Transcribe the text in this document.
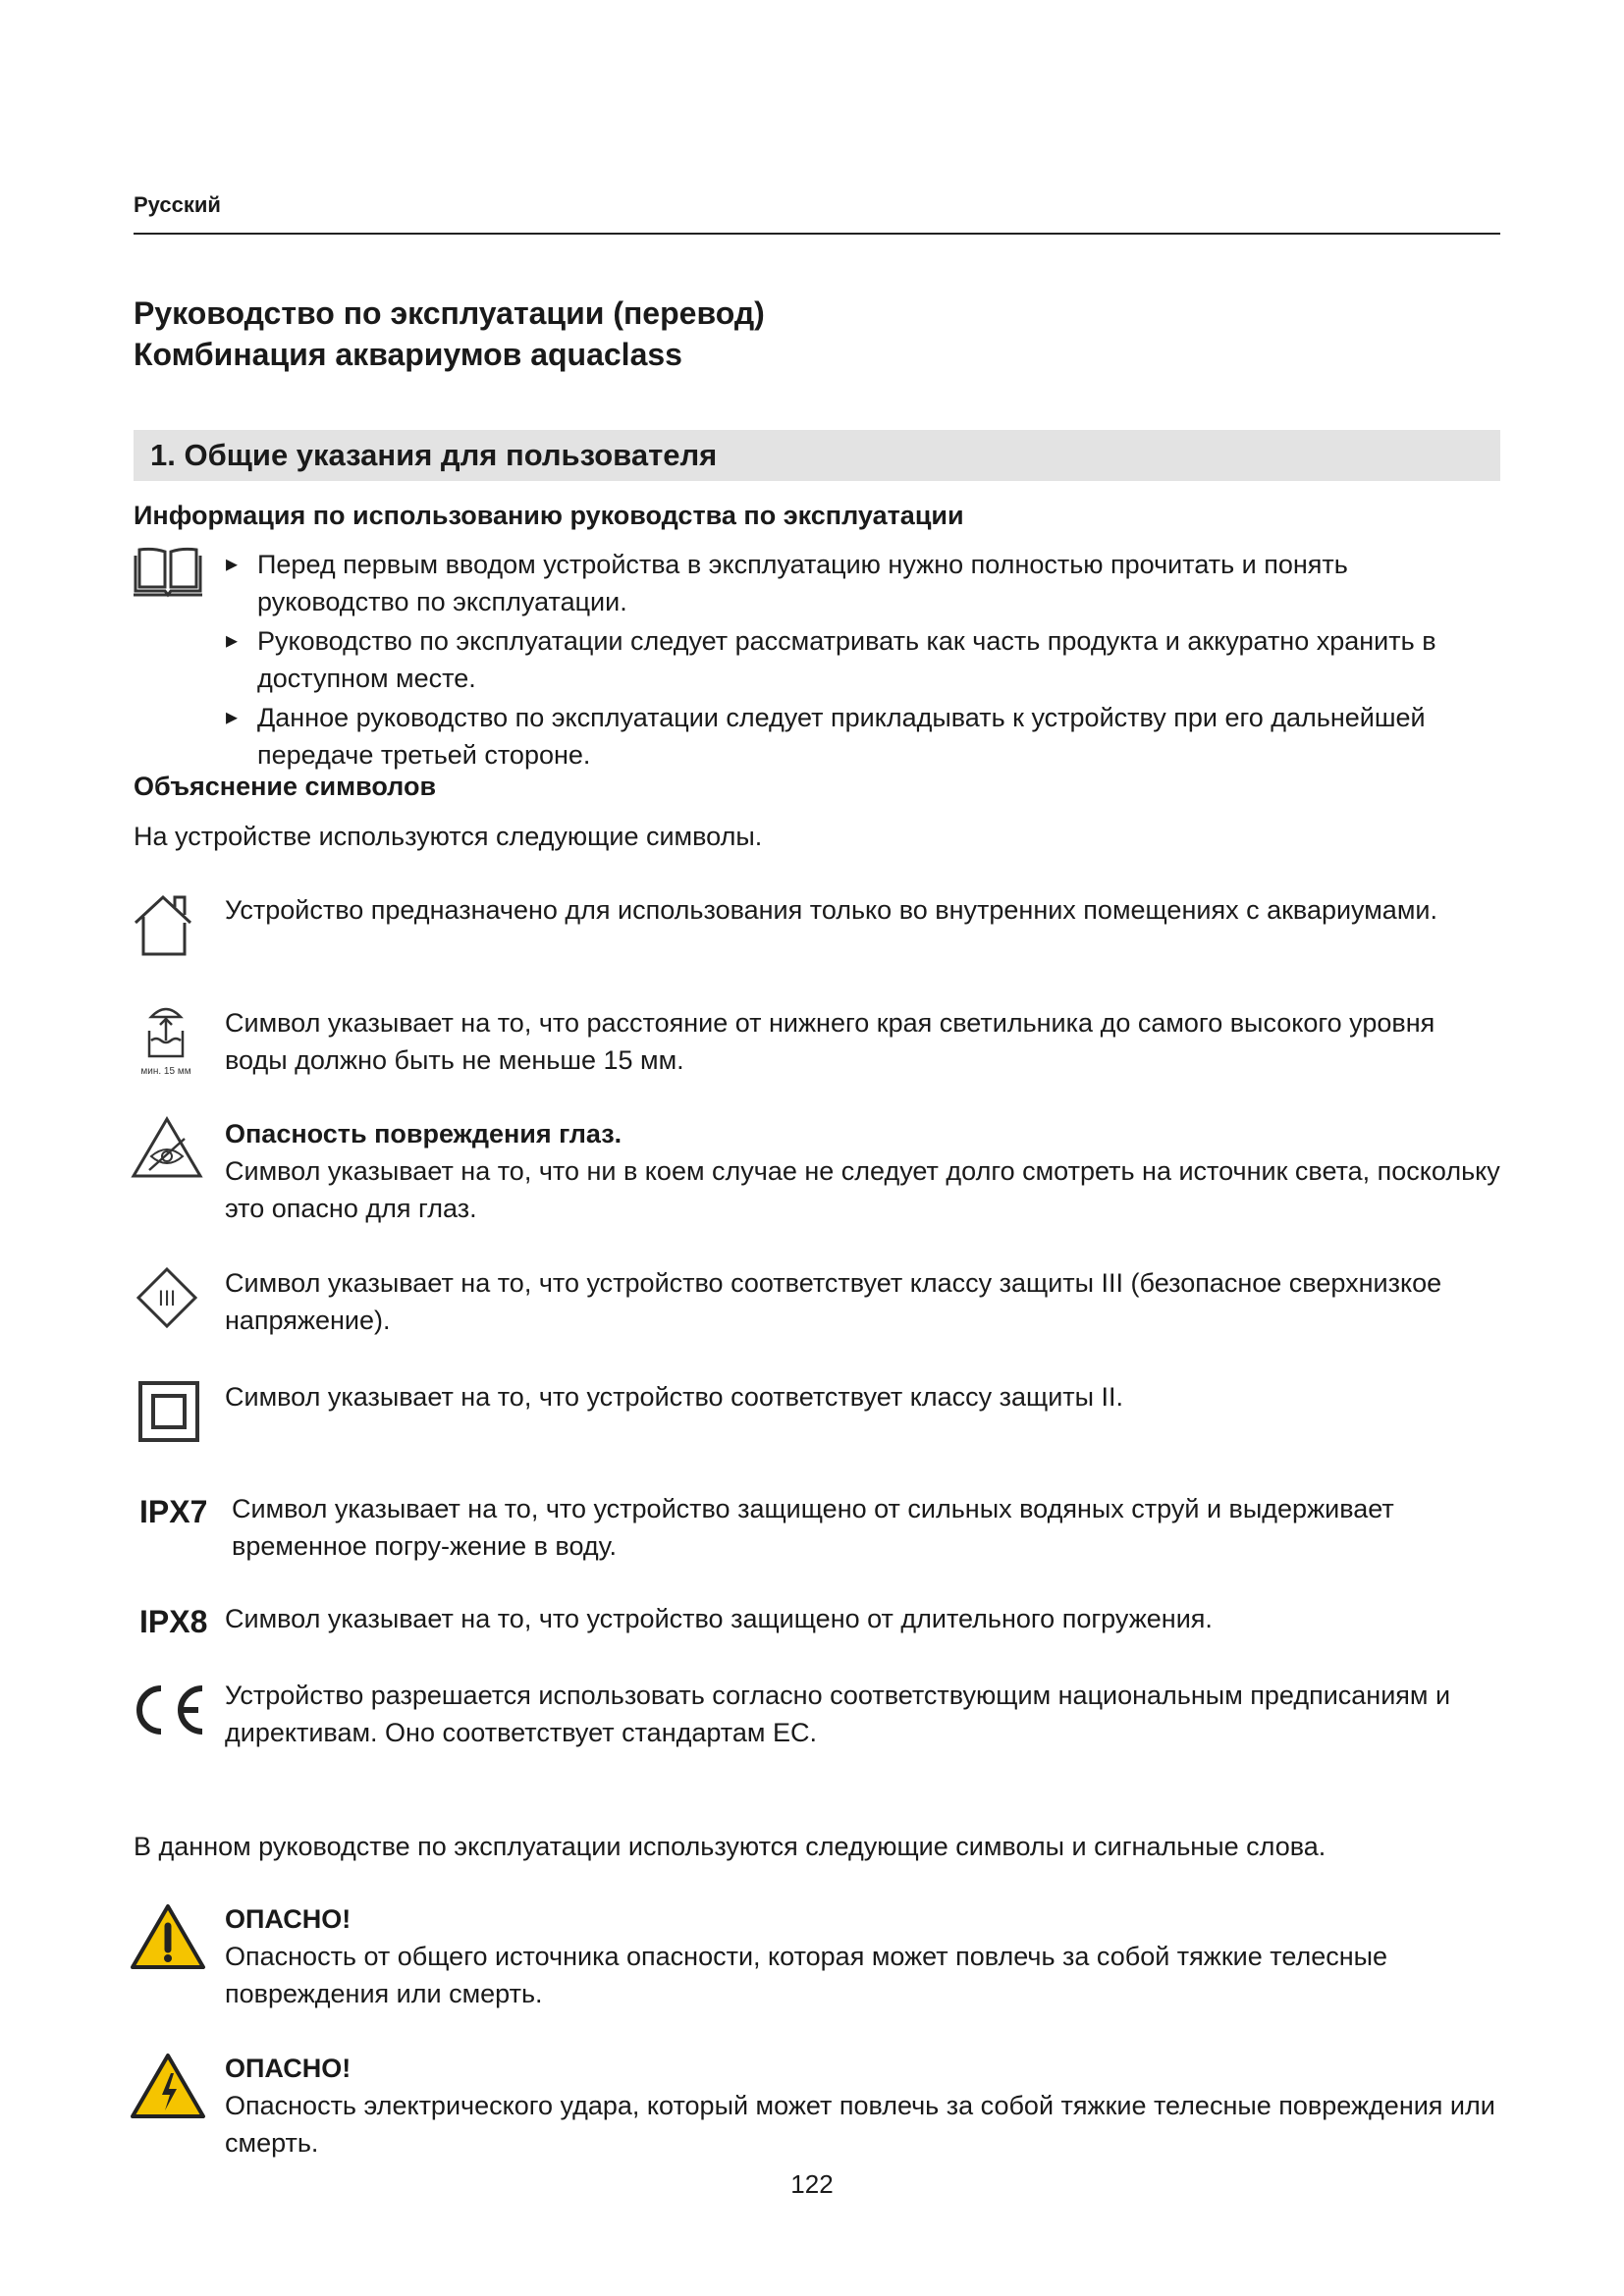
Русский
Руководство по эксплуатации (перевод)
Комбинация аквариумов aquaclass
1. Общие указания для пользователя
Информация по использованию руководства по эксплуатации
▸ Перед первым вводом устройства в эксплуатацию нужно полностью прочитать и понять руководство по эксплуатации.
▸ Руководство по эксплуатации следует рассматривать как часть продукта и аккуратно хранить в доступном месте.
▸ Данное руководство по эксплуатации следует прикладывать к устройству при его дальнейшей передаче третьей стороне.
Объяснение символов
На устройстве используются следующие символы.
Устройство предназначено для использования только во внутренних помещениях с аквариумами.
мин. 15 мм
Символ указывает на то, что расстояние от нижнего края светильника до самого высокого уровня воды должно быть не меньше 15 мм.
Опасность повреждения глаз.
Символ указывает на то, что ни в коем случае не следует долго смотреть на источник света, поскольку это опасно для глаз.
III
Символ указывает на то, что устройство соответствует классу защиты III (безопасное сверхнизкое напряжение).
Символ указывает на то, что устройство соответствует классу защиты II.
IPX7 Символ указывает на то, что устройство защищено от сильных водяных струй и выдерживает временное погру-жение в воду.
IPX8 Символ указывает на то, что устройство защищено от длительного погружения.
Устройство разрешается использовать согласно соответствующим национальным предписаниям и директивам. Оно соответствует стандартам ЕС.
В данном руководстве по эксплуатации используются следующие символы и сигнальные слова.
ОПАСНО!
Опасность от общего источника опасности, которая может повлечь за собой тяжкие телесные повреждения или смерть.
ОПАСНО!
Опасность электрического удара, который может повлечь за собой тяжкие телесные повреждения или смерть.
122
